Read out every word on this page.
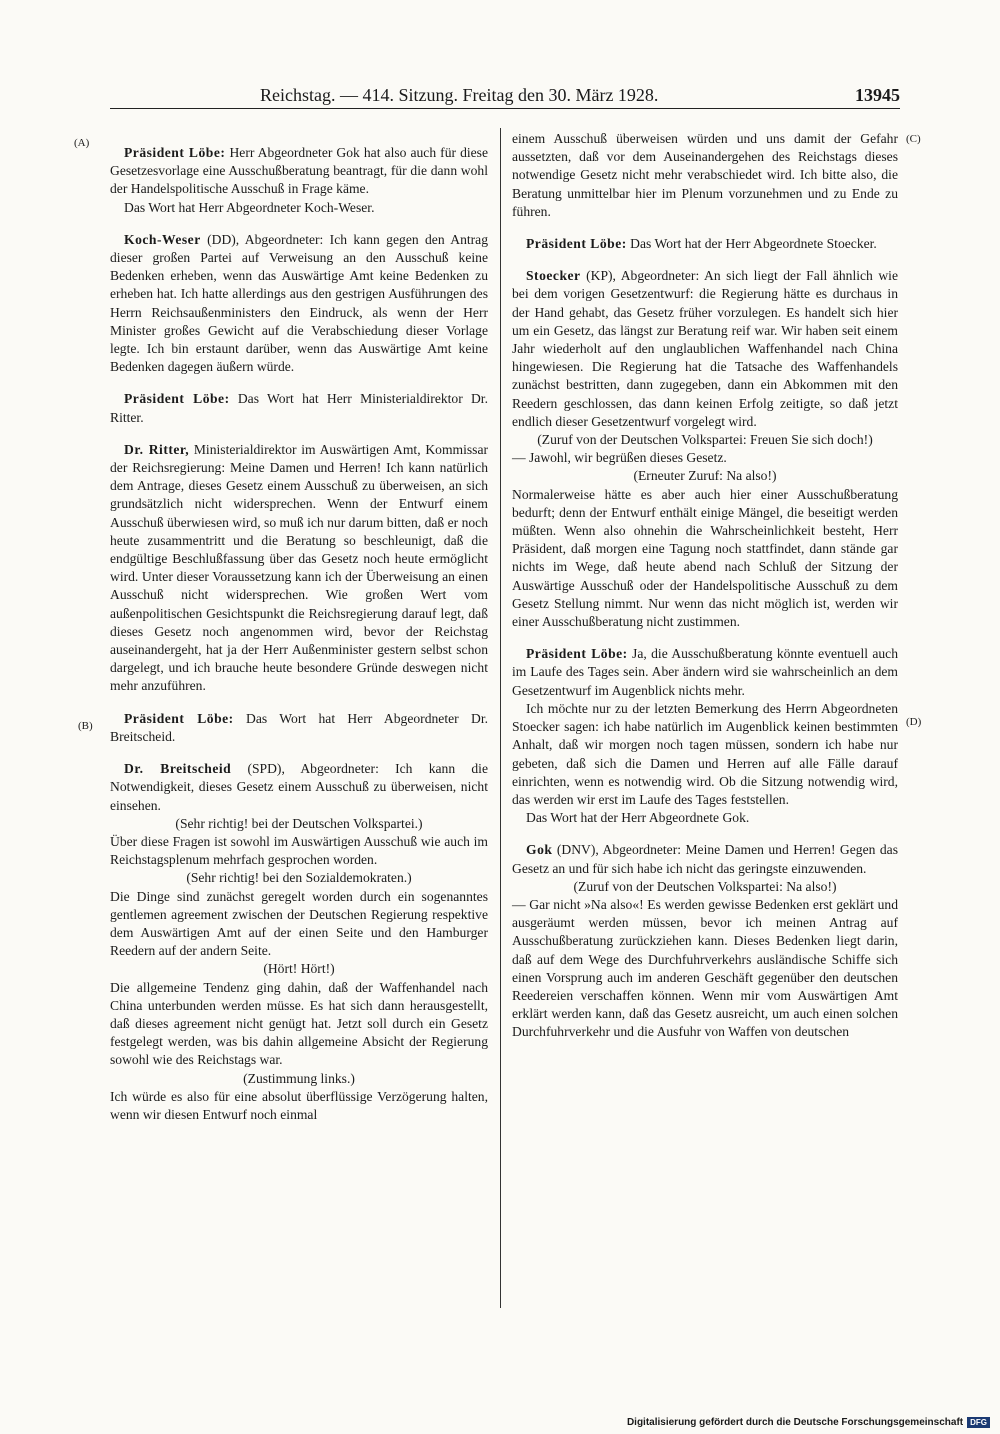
Reichstag. — 414. Sitzung. Freitag den 30. März 1928.	13945
(A)
(B)
(C)
(D)

Präsident Löbe: Herr Abgeordneter Gok hat also auch für diese Gesetzesvorlage eine Ausschußberatung beantragt, für die dann wohl der Handelspolitische Ausschuß in Frage käme.

Das Wort hat Herr Abgeordneter Koch-Weser.

Koch-Weser (DD), Abgeordneter: Ich kann gegen den Antrag dieser großen Partei auf Verweisung an den Ausschuß keine Bedenken erheben, wenn das Auswärtige Amt keine Bedenken zu erheben hat. Ich hatte allerdings aus den gestrigen Ausführungen des Herrn Reichsaußenministers den Eindruck, als wenn der Herr Minister großes Gewicht auf die Verabschiedung dieser Vorlage legte. Ich bin erstaunt darüber, wenn das Auswärtige Amt keine Bedenken dagegen äußern würde.

Präsident Löbe: Das Wort hat Herr Ministerialdirektor Dr. Ritter.

Dr. Ritter, Ministerialdirektor im Auswärtigen Amt, Kommissar der Reichsregierung: Meine Damen und Herren! Ich kann natürlich dem Antrage, dieses Gesetz einem Ausschuß zu überweisen, an sich grundsätzlich nicht widersprechen. Wenn der Entwurf einem Ausschuß überwiesen wird, so muß ich nur darum bitten, daß er noch heute zusammentritt und die Beratung so beschleunigt, daß die endgültige Beschlußfassung über das Gesetz noch heute ermöglicht wird. Unter dieser Voraussetzung kann ich der Überweisung an einen Ausschuß nicht widersprechen. Wie großen Wert vom außenpolitischen Gesichtspunkt die Reichsregierung darauf legt, daß dieses Gesetz noch angenommen wird, bevor der Reichstag auseinandergeht, hat ja der Herr Außenminister gestern selbst schon dargelegt, und ich brauche heute besondere Gründe deswegen nicht mehr anzuführen.

Präsident Löbe: Das Wort hat Herr Abgeordneter Dr. Breitscheid.

Dr. Breitscheid (SPD), Abgeordneter: Ich kann die Notwendigkeit, dieses Gesetz einem Ausschuß zu überweisen, nicht einsehen.

(Sehr richtig! bei der Deutschen Volkspartei.)

Über diese Fragen ist sowohl im Auswärtigen Ausschuß wie auch im Reichstagsplenum mehrfach gesprochen worden.

(Sehr richtig! bei den Sozialdemokraten.)

Die Dinge sind zunächst geregelt worden durch ein sogenanntes gentlemen agreement zwischen der Deutschen Regierung respektive dem Auswärtigen Amt auf der einen Seite und den Hamburger Reedern auf der andern Seite.

(Hört! Hört!)

Die allgemeine Tendenz ging dahin, daß der Waffenhandel nach China unterbunden werden müsse. Es hat sich dann herausgestellt, daß dieses agreement nicht genügt hat. Jetzt soll durch ein Gesetz festgelegt werden, was bis dahin allgemeine Absicht der Regierung sowohl wie des Reichstags war.

(Zustimmung links.)

Ich würde es also für eine absolut überflüssige Verzögerung halten, wenn wir diesen Entwurf noch einmal

einem Ausschuß überweisen würden und uns damit der Gefahr aussetzten, daß vor dem Auseinandergehen des Reichstags dieses notwendige Gesetz nicht mehr verabschiedet wird. Ich bitte also, die Beratung unmittelbar hier im Plenum vorzunehmen und zu Ende zu führen.

Präsident Löbe: Das Wort hat der Herr Abgeordnete Stoecker.

Stoecker (KP), Abgeordneter: An sich liegt der Fall ähnlich wie bei dem vorigen Gesetzentwurf: die Regierung hätte es durchaus in der Hand gehabt, das Gesetz früher vorzulegen. Es handelt sich hier um ein Gesetz, das längst zur Beratung reif war. Wir haben seit einem Jahr wiederholt auf den unglaublichen Waffenhandel nach China hingewiesen. Die Regierung hat die Tatsache des Waffenhandels zunächst bestritten, dann zugegeben, dann ein Abkommen mit den Reedern geschlossen, das dann keinen Erfolg zeitigte, so daß jetzt endlich dieser Gesetzentwurf vorgelegt wird.

(Zuruf von der Deutschen Volkspartei: Freuen Sie sich doch!)

— Jawohl, wir begrüßen dieses Gesetz.

(Erneuter Zuruf: Na also!)

Normalerweise hätte es aber auch hier einer Ausschußberatung bedurft; denn der Entwurf enthält einige Mängel, die beseitigt werden müßten. Wenn also ohnehin die Wahrscheinlichkeit besteht, Herr Präsident, daß morgen eine Tagung noch stattfindet, dann stände gar nichts im Wege, daß heute abend nach Schluß der Sitzung der Auswärtige Ausschuß oder der Handelspolitische Ausschuß zu dem Gesetz Stellung nimmt. Nur wenn das nicht möglich ist, werden wir einer Ausschußberatung nicht zustimmen.

Präsident Löbe: Ja, die Ausschußberatung könnte eventuell auch im Laufe des Tages sein. Aber ändern wird sie wahrscheinlich an dem Gesetzentwurf im Augenblick nichts mehr.

Ich möchte nur zu der letzten Bemerkung des Herrn Abgeordneten Stoecker sagen: ich habe natürlich im Augenblick keinen bestimmten Anhalt, daß wir morgen noch tagen müssen, sondern ich habe nur gebeten, daß sich die Damen und Herren auf alle Fälle darauf einrichten, wenn es notwendig wird. Ob die Sitzung notwendig wird, das werden wir erst im Laufe des Tages feststellen.

Das Wort hat der Herr Abgeordnete Gok.

Gok (DNV), Abgeordneter: Meine Damen und Herren! Gegen das Gesetz an und für sich habe ich nicht das geringste einzuwenden.

(Zuruf von der Deutschen Volkspartei: Na also!)

— Gar nicht »Na also«! Es werden gewisse Bedenken erst geklärt und ausgeräumt werden müssen, bevor ich meinen Antrag auf Ausschußberatung zurückziehen kann. Dieses Bedenken liegt darin, daß auf dem Wege des Durchfuhrverkehrs ausländische Schiffe sich einen Vorsprung auch im anderen Geschäft gegenüber den deutschen Reedereien verschaffen können. Wenn mir vom Auswärtigen Amt erklärt werden kann, daß das Gesetz ausreicht, um auch einen solchen Durchfuhrverkehr und die Ausfuhr von Waffen von deutschen

Digitalisierung gefördert durch die Deutsche Forschungsgemeinschaft DFG
